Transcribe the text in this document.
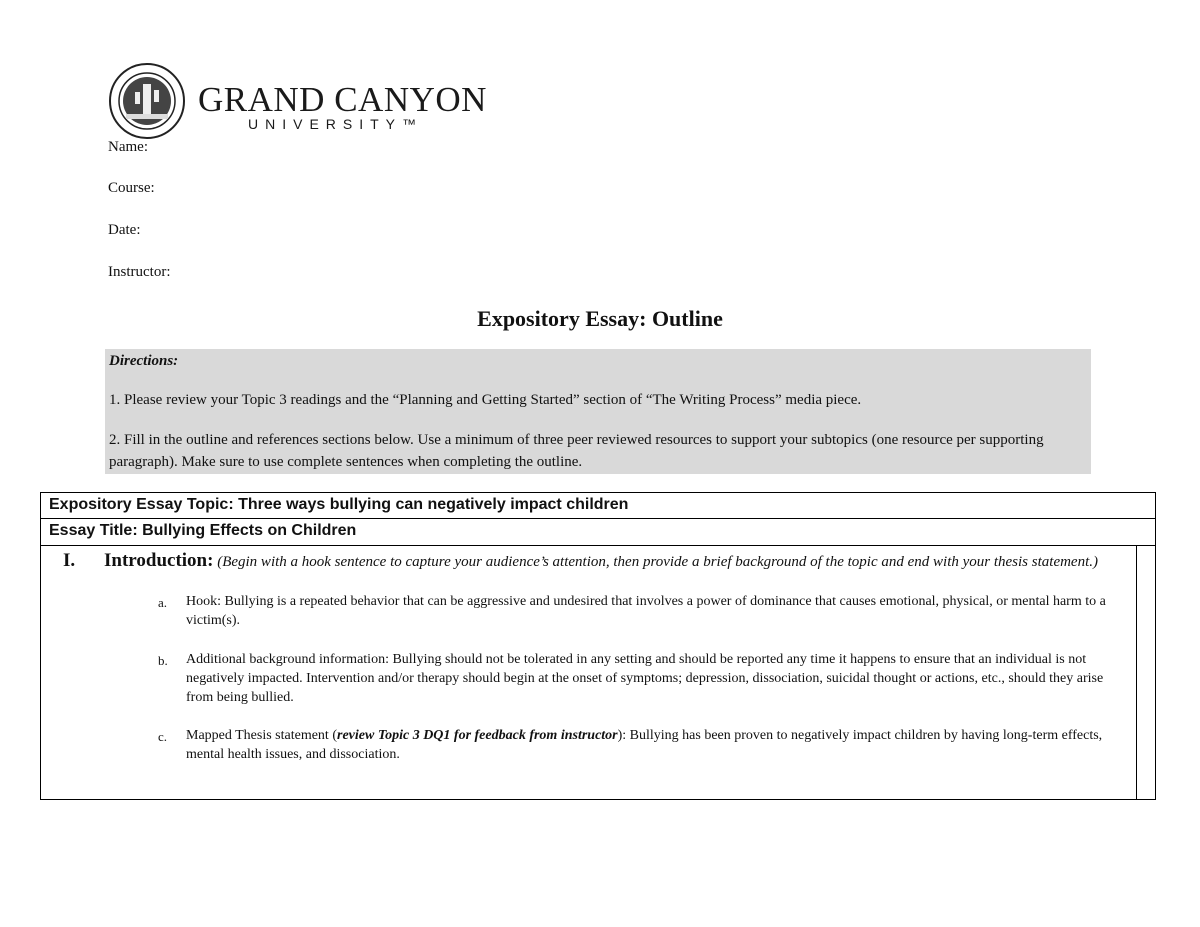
GRAND CANYON
UNIVERSITY™
Name:
Course:
Date:
Instructor:
Expository Essay: Outline
Directions:
1. Please review your Topic 3 readings and the “Planning and Getting Started” section of “The Writing Process” media piece.
2. Fill in the outline and references sections below. Use a minimum of three peer reviewed resources to support your subtopics (one resource per supporting paragraph). Make sure to use complete sentences when completing the outline.
Expository Essay Topic: Three ways bullying can negatively impact children
Essay Title: Bullying Effects on Children
I. Introduction: (Begin with a hook sentence to capture your audience’s attention, then provide a brief background of the topic and end with your thesis statement.)
a. Hook: Bullying is a repeated behavior that can be aggressive and undesired that involves a power of dominance that causes emotional, physical, or mental harm to a victim(s).
b. Additional background information: Bullying should not be tolerated in any setting and should be reported any time it happens to ensure that an individual is not negatively impacted. Intervention and/or therapy should begin at the onset of symptoms; depression, dissociation, suicidal thought or actions, etc., should they arise from being bullied.
c. Mapped Thesis statement (review Topic 3 DQ1 for feedback from instructor): Bullying has been proven to negatively impact children by having long-term effects, mental health issues, and dissociation.
